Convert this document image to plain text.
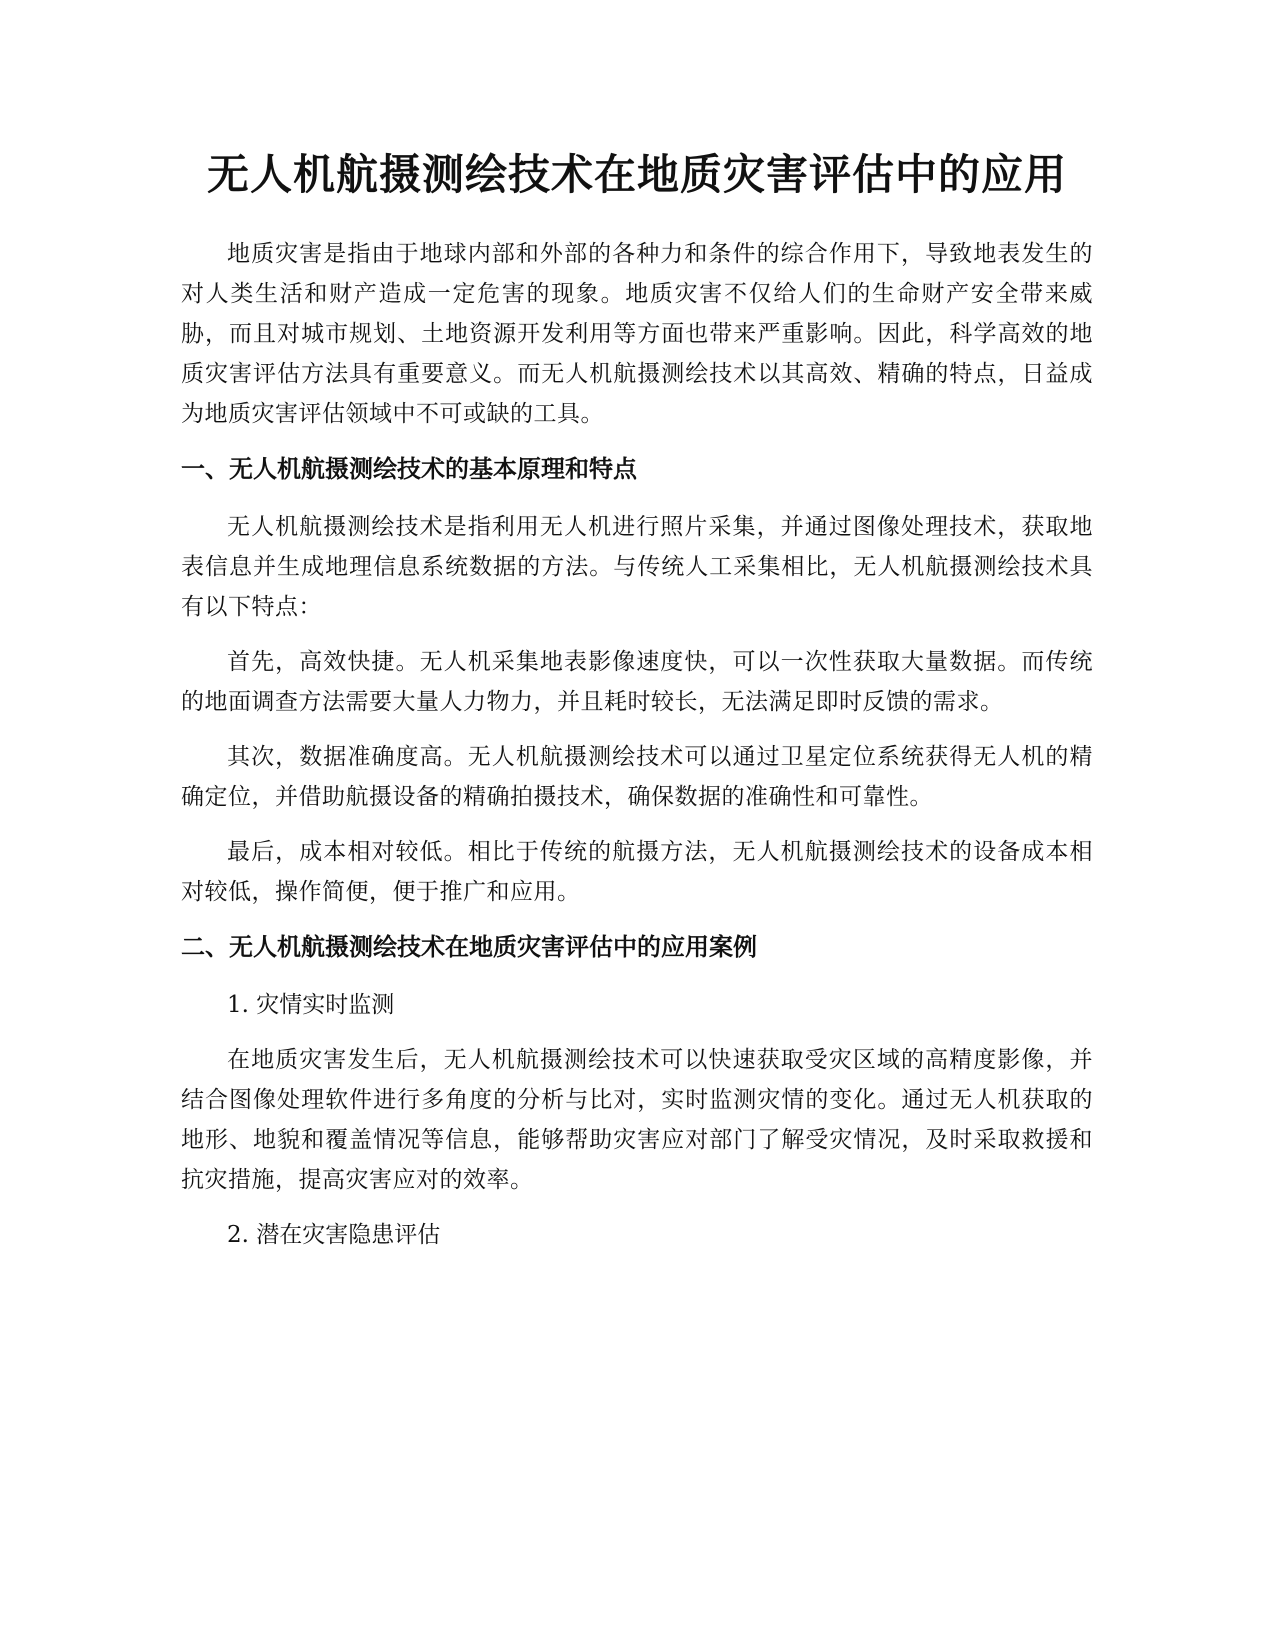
无人机航摄测绘技术在地质灾害评估中的应用

地质灾害是指由于地球内部和外部的各种力和条件的综合作用下，导致地表发生的对人类生活和财产造成一定危害的现象。地质灾害不仅给人们的生命财产安全带来威胁，而且对城市规划、土地资源开发利用等方面也带来严重影响。因此，科学高效的地质灾害评估方法具有重要意义。而无人机航摄测绘技术以其高效、精确的特点，日益成为地质灾害评估领域中不可或缺的工具。

一、无人机航摄测绘技术的基本原理和特点

无人机航摄测绘技术是指利用无人机进行照片采集，并通过图像处理技术，获取地表信息并生成地理信息系统数据的方法。与传统人工采集相比，无人机航摄测绘技术具有以下特点：

首先，高效快捷。无人机采集地表影像速度快，可以一次性获取大量数据。而传统的地面调查方法需要大量人力物力，并且耗时较长，无法满足即时反馈的需求。

其次，数据准确度高。无人机航摄测绘技术可以通过卫星定位系统获得无人机的精确定位，并借助航摄设备的精确拍摄技术，确保数据的准确性和可靠性。

最后，成本相对较低。相比于传统的航摄方法，无人机航摄测绘技术的设备成本相对较低，操作简便，便于推广和应用。

二、无人机航摄测绘技术在地质灾害评估中的应用案例

1. 灾情实时监测

在地质灾害发生后，无人机航摄测绘技术可以快速获取受灾区域的高精度影像，并结合图像处理软件进行多角度的分析与比对，实时监测灾情的变化。通过无人机获取的地形、地貌和覆盖情况等信息，能够帮助灾害应对部门了解受灾情况，及时采取救援和抗灾措施，提高灾害应对的效率。

2. 潜在灾害隐患评估
